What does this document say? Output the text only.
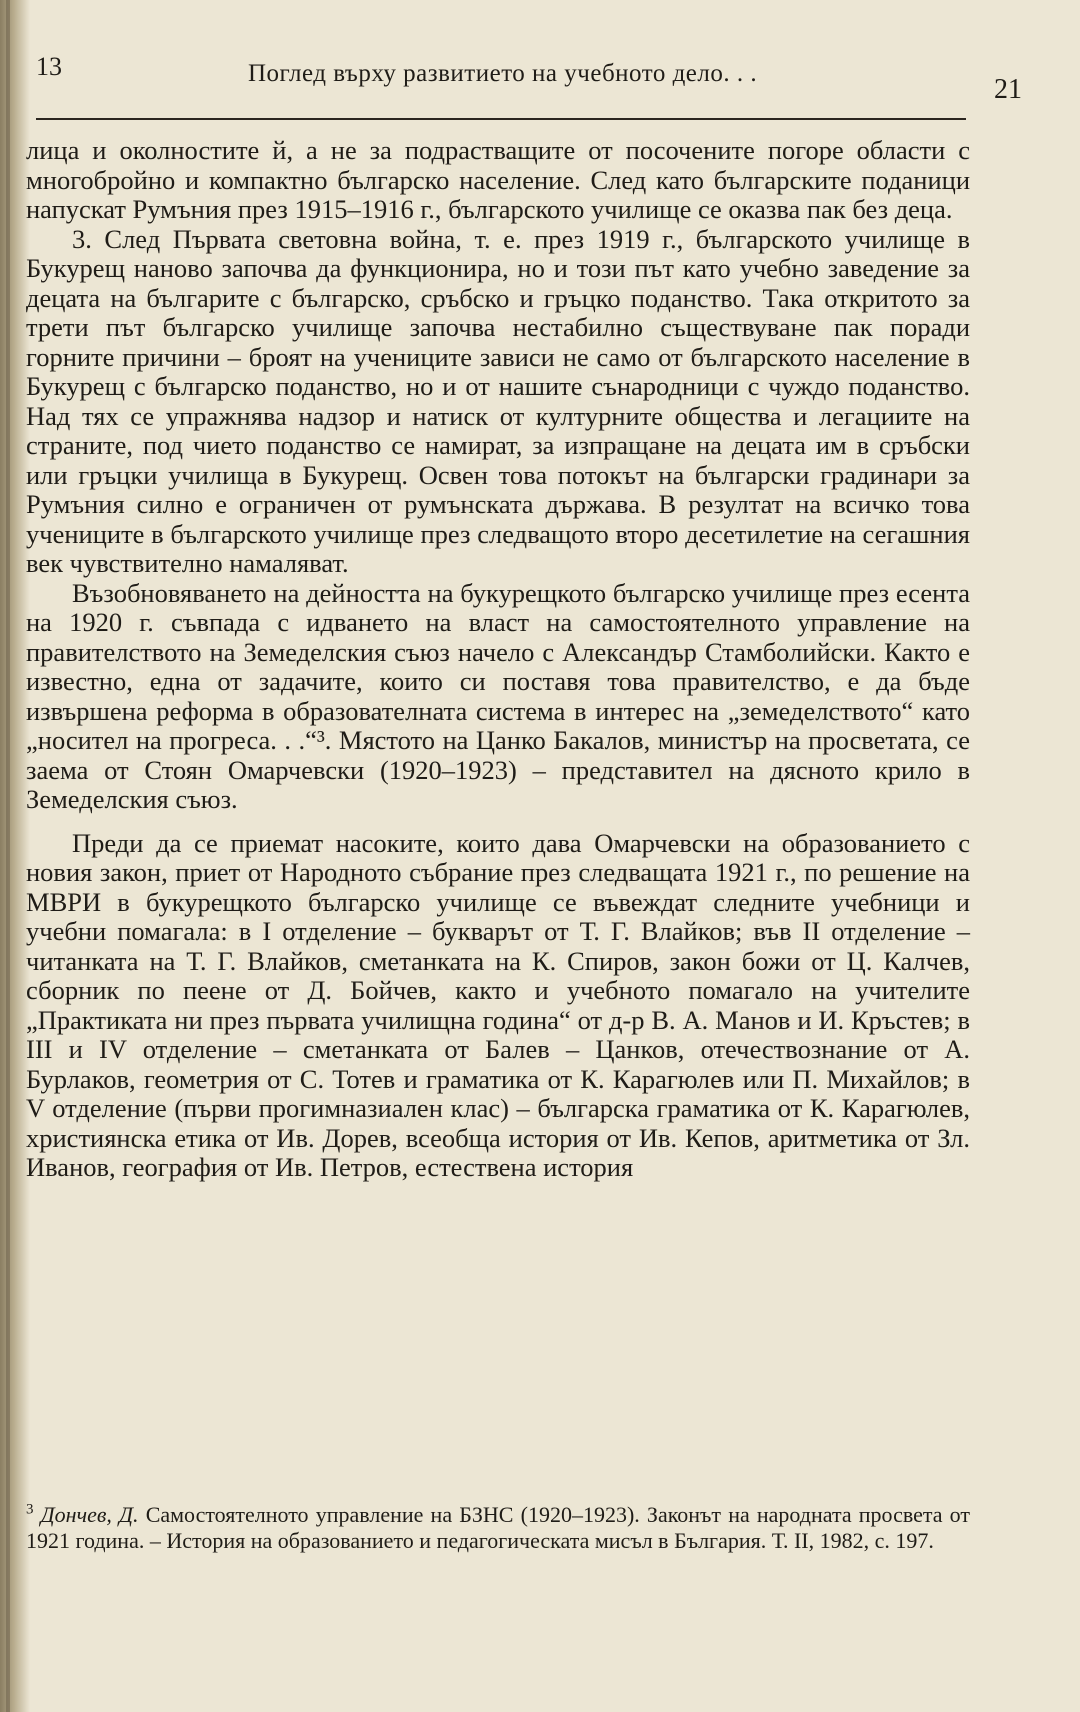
13	Поглед върху развитието на учебното дело. . .
21

лица и околностите й, а не за подрастващите от посочените погоре области с многобройно и компактно българско население. След като българските поданици напускат Румъния през 1915–1916 г., българското училище се оказва пак без деца.

3. След Първата световна война, т. е. през 1919 г., българското училище в Букурещ наново започва да функционира, но и този път като учебно заведение за децата на българите с българско, сръбско и гръцко поданство. Така откритото за трети път българско училище започва нестабилно съществуване пак поради горните причини – броят на учениците зависи не само от българското население в Букурещ с българско поданство, но и от нашите сънародници с чуждо поданство. Над тях се упражнява надзор и натиск от културните общества и легациите на страните, под чието поданство се намират, за изпращане на децата им в сръбски или гръцки училища в Букурещ. Освен това потокът на български градинари за Румъния силно е ограничен от румънската държава. В резултат на всичко това учениците в българското училище през следващото второ десетилетие на сегашния век чувствително намаляват.

Възобновяването на дейността на букурещкото българско училище през есента на 1920 г. съвпада с идването на власт на самостоятелното управление на правителството на Земеделския съюз начело с Александър Стамболийски. Както е известно, една от задачите, които си поставя това правителство, е да бъде извършена реформа в образователната система в интерес на „земеделството“ като „носител на прогреса. . .“³. Мястото на Цанко Бакалов, министър на просветата, се заема от Стоян Омарчевски (1920–1923) – представител на дясното крило в Земеделския съюз.

Преди да се приемат насоките, които дава Омарчевски на образованието с новия закон, приет от Народното събрание през следващата 1921 г., по решение на МВРИ в букурещкото българско училище се въвеждат следните учебници и учебни помагала: в I отделение – букварът от Т. Г. Влайков; във II отделение – читанката на Т. Г. Влайков, сметанката на К. Спиров, закон божи от Ц. Калчев, сборник по пеене от Д. Бойчев, както и учебното помагало на учителите „Практиката ни през първата училищна година“ от д-р В. А. Манов и И. Кръстев; в III и IV отделение – сметанката от Балев – Цанков, отечествознание от А. Бурлаков, геометрия от С. Тотев и граматика от К. Карагюлев или П. Михайлов; в V отделение (първи прогимназиален клас) – българска граматика от К. Карагюлев, християнска етика от Ив. Дорев, всеобща история от Ив. Кепов, аритметика от Зл. Иванов, география от Ив. Петров, естествена история

$^3$ Дончев, Д. Самостоятелното управление на БЗНС (1920–1923). Законът на народната просвета от 1921 година. – История на образованието и педагогическата мисъл в България. Т. II, 1982, с. 197.
